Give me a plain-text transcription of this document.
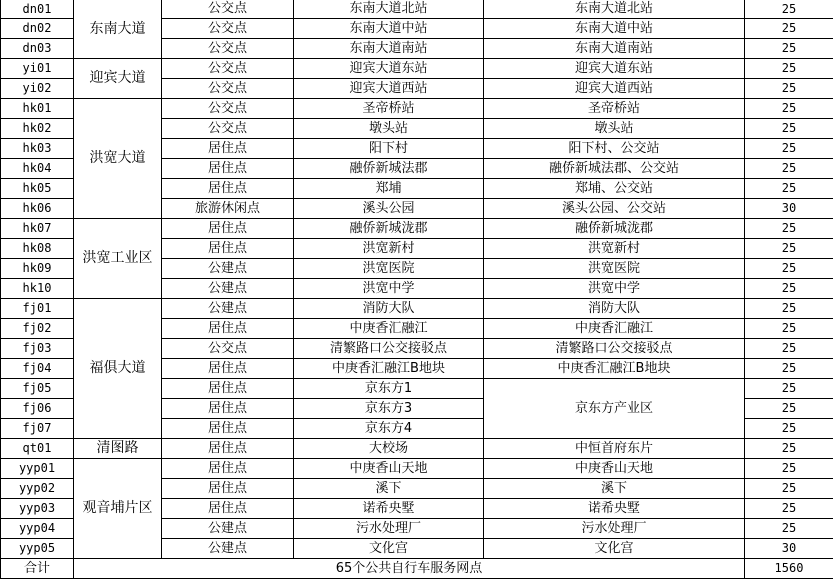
dn01	东南大道	公交点	东南大道北站	东南大道北站	25
dn02		公交点	东南大道中站	东南大道中站	25
dn03		公交点	东南大道南站	东南大道南站	25
yi01	迎宾大道	公交点	迎宾大道东站	迎宾大道东站	25
yi02		公交点	迎宾大道西站	迎宾大道西站	25
hk01	洪宽大道	公交点	圣帝桥站	圣帝桥站	25
hk02		公交点	墩头站	墩头站	25
hk03		居住点	阳下村	阳下村、公交站	25
hk04		居住点	融侨新城法郡	融侨新城法郡、公交站	25
hk05		居住点	郑埔	郑埔、公交站	25
hk06		旅游休闲点	溪头公园	溪头公园、公交站	30
hk07	洪宽工业区	居住点	融侨新城泷郡	融侨新城泷郡	25
hk08		居住点	洪宽新村	洪宽新村	25
hk09		公建点	洪宽医院	洪宽医院	25
hk10		公建点	洪宽中学	洪宽中学	25
fj01	福俱大道	公建点	消防大队	消防大队	25
fj02		居住点	中庚香汇融江	中庚香汇融江	25
fj03		公交点	清繁路口公交接驳点	清繁路口公交接驳点	25
fj04		居住点	中庚香汇融江B地块	中庚香汇融江B地块	25
fj05		居住点	京东方1	京东方产业区	25
fj06		居住点	京东方3		25
fj07		居住点	京东方4		25
qt01	清图路	居住点	大校场	中恒首府东片	25
yyp01	观音埔片区	居住点	中庚香山天地	中庚香山天地	25
yyp02		居住点	溪下	溪下	25
yyp03		居住点	诺希央墅	诺希央墅	25
yyp04		公建点	污水处理厂	污水处理厂	25
yyp05		公建点	文化宫	文化宫	30
合计	65个公共自行车服务网点				1560
